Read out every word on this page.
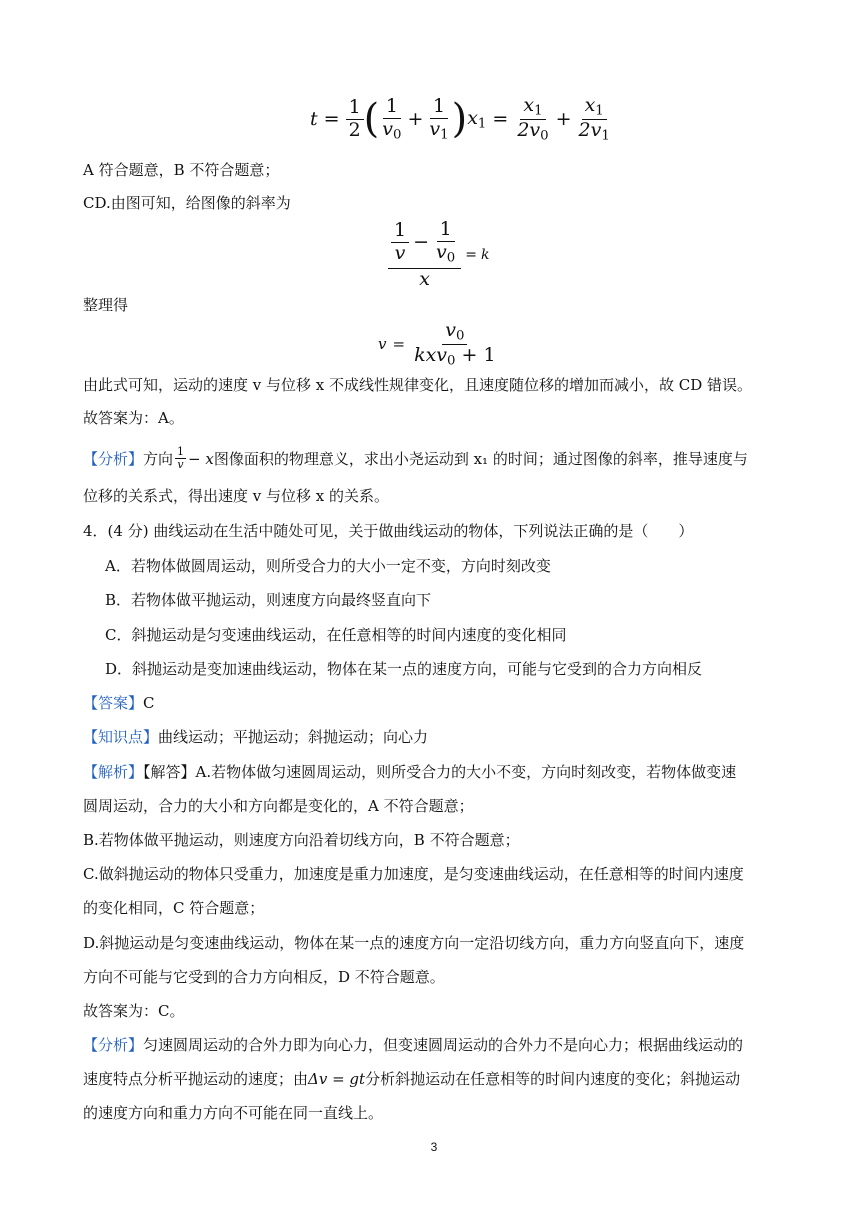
$t = \frac{1}{2}$ ( $\frac{1}{v_0} + \frac{1}{v_1}$ ) $x_1 = \frac{x_1}{2v_0} + \frac{x_1}{2v_1}$
A 符合题意，B 不符合题意；
CD.由图可知，给图像的斜率为
$\frac{\frac{1}{v} - \frac{1}{v_0}}{x} = k$
整理得
$v = \frac{v_0}{kxv_0 + 1}$
由此式可知，运动的速度 v 与位移 x 不成线性规律变化，且速度随位移的增加而减小，故 CD 错误。
故答案为：A。
【分析】 方向 $\frac{1}{v} - x$ 图像面积的物理意义，求出小尧运动到 x₁ 的时间；通过图像的斜率，推导速度与
位移的关系式，得出速度 v 与位移 x 的关系。
4．(4 分) 曲线运动在生活中随处可见，关于做曲线运动的物体，下列说法正确的是（　　）
A．若物体做圆周运动，则所受合力的大小一定不变，方向时刻改变
B．若物体做平抛运动，则速度方向最终竖直向下
C．斜抛运动是匀变速曲线运动，在任意相等的时间内速度的变化相同
D．斜抛运动是变加速曲线运动，物体在某一点的速度方向，可能与它受到的合力方向相反
【答案】C
【知识点】曲线运动；平抛运动；斜抛运动；向心力
【解析】【解答】A.若物体做匀速圆周运动，则所受合力的大小不变，方向时刻改变，若物体做变速
圆周运动，合力的大小和方向都是变化的，A 不符合题意；
B.若物体做平抛运动，则速度方向沿着切线方向，B 不符合题意；
C.做斜抛运动的物体只受重力，加速度是重力加速度，是匀变速曲线运动，在任意相等的时间内速度
的变化相同，C 符合题意；
D.斜抛运动是匀变速曲线运动，物体在某一点的速度方向一定沿切线方向，重力方向竖直向下，速度
方向不可能与它受到的合力方向相反，D 不符合题意。
故答案为：C。
【分析】匀速圆周运动的合外力即为向心力，但变速圆周运动的合外力不是向心力；根据曲线运动的
速度特点分析平抛运动的速度；由Δv = gt分析斜抛运动在任意相等的时间内速度的变化；斜抛运动
的速度方向和重力方向不可能在同一直线上。
3
